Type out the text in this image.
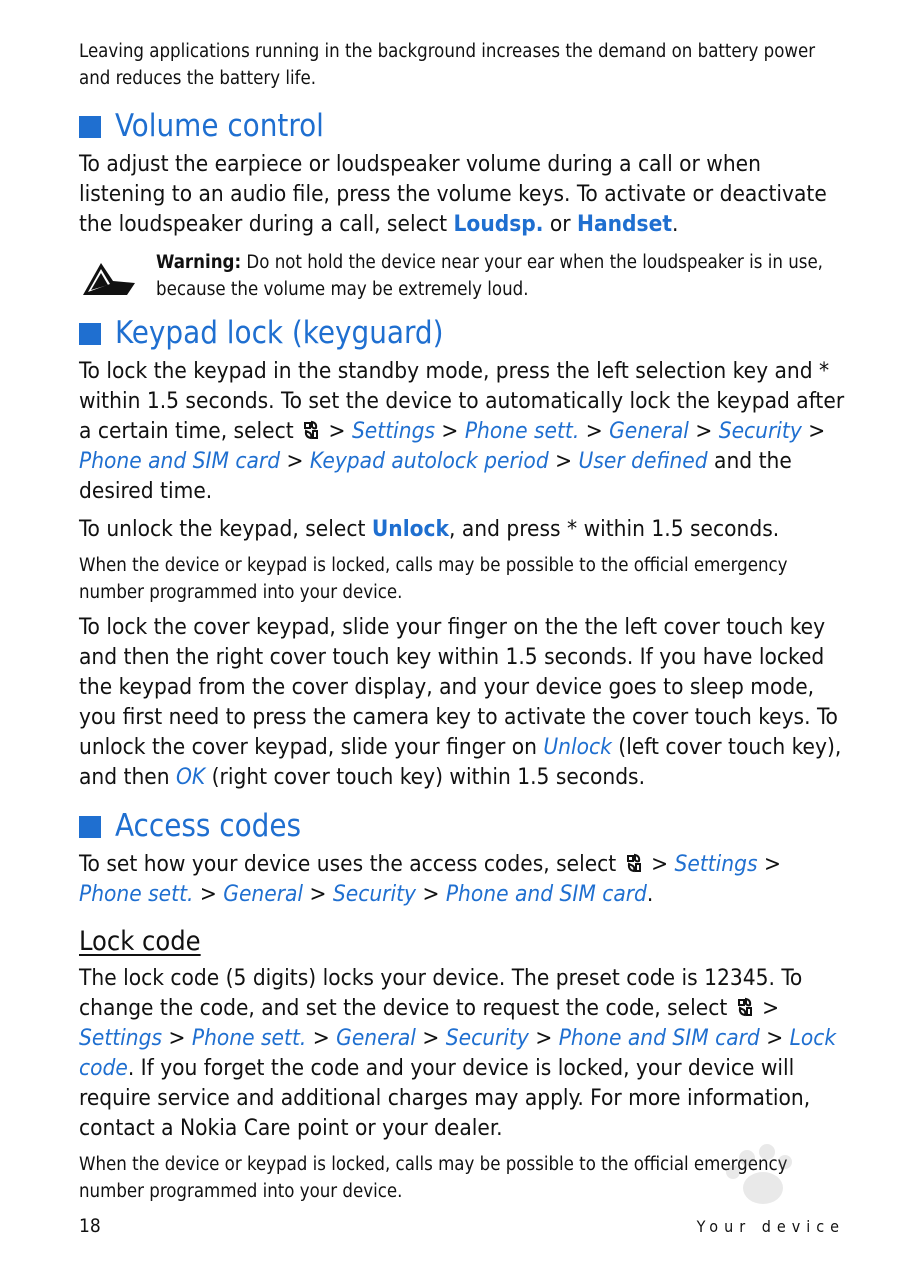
Leaving applications running in the background increases the demand on battery power and reduces the battery life.

Volume control

To adjust the earpiece or loudspeaker volume during a call or when listening to an audio file, press the volume keys. To activate or deactivate the loudspeaker during a call, select Loudsp. or Handset.

Warning: Do not hold the device near your ear when the loudspeaker is in use, because the volume may be extremely loud.

Keypad lock (keyguard)

To lock the keypad in the standby mode, press the left selection key and * within 1.5 seconds. To set the device to automatically lock the keypad after a certain time, select  > Settings > Phone sett. > General > Security > Phone and SIM card > Keypad autolock period > User defined and the desired time.

To unlock the keypad, select Unlock, and press * within 1.5 seconds.

When the device or keypad is locked, calls may be possible to the official emergency number programmed into your device.

To lock the cover keypad, slide your finger on the the left cover touch key and then the right cover touch key within 1.5 seconds. If you have locked the keypad from the cover display, and your device goes to sleep mode, you first need to press the camera key to activate the cover touch keys. To unlock the cover keypad, slide your finger on Unlock (left cover touch key), and then OK (right cover touch key) within 1.5 seconds.

Access codes

To set how your device uses the access codes, select  > Settings > Phone sett. > General > Security > Phone and SIM card.

Lock code

The lock code (5 digits) locks your device. The preset code is 12345. To change the code, and set the device to request the code, select  > Settings > Phone sett. > General > Security > Phone and SIM card > Lock code. If you forget the code and your device is locked, your device will require service and additional charges may apply. For more information, contact a Nokia Care point or your dealer.

When the device or keypad is locked, calls may be possible to the official emergency number programmed into your device.

18	Your device
